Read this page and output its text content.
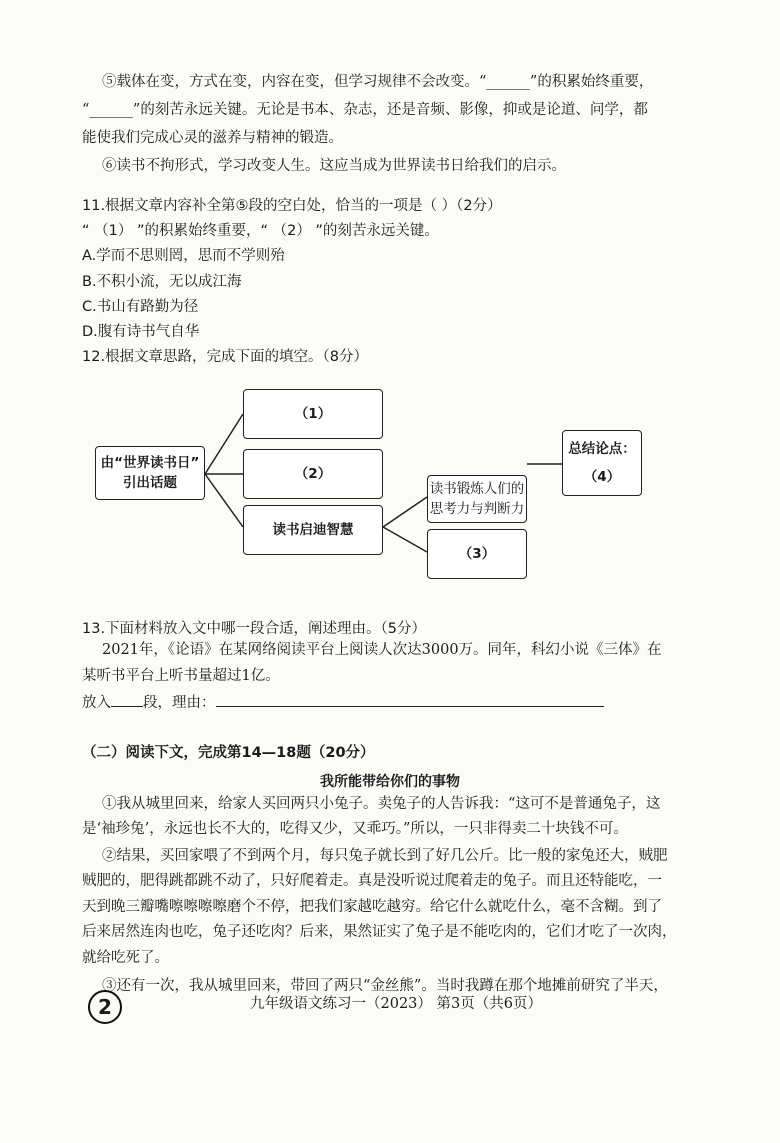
⑤载体在变，方式在变，内容在变，但学习规律不会改变。“______”的积累始终重要，
“______”的刻苦永远关键。无论是书本、杂志，还是音频、影像，抑或是论道、问学，都
能使我们完成心灵的滋养与精神的锻造。
⑥读书不拘形式，学习改变人生。这应当成为世界读书日给我们的启示。
11.根据文章内容补全第⑤段的空白处，恰当的一项是（ ）（2分）
“ （1） ”的积累始终重要，“ （2） ”的刻苦永远关键。
A.学而不思则罔，思而不学则殆
B.不积小流，无以成江海
C.书山有路勤为径
D.腹有诗书气自华
12.根据文章思路，完成下面的填空。（8分）
由“世界读书日”
引出话题
（1）
（2）
读书启迪智慧
读书锻炼人们的
思考力与判断力
（3）
总结论点：
（4）
13.下面材料放入文中哪一段合适，阐述理由。（5分）
2021年，《论语》在某网络阅读平台上阅读人次达3000万。同年，科幻小说《三体》在
某听书平台上听书量超过1亿。
放入 段，理由：
（二）阅读下文，完成第14—18题（20分）
我所能带给你们的事物
①我从城里回来，给家人买回两只小兔子。卖兔子的人告诉我：“这可不是普通兔子，这
是‘袖珍兔’，永远也长不大的，吃得又少，又乖巧。”所以，一只非得卖二十块钱不可。
②结果，买回家喂了不到两个月，每只兔子就长到了好几公斤。比一般的家兔还大，贼肥
贼肥的，肥得跳都跳不动了，只好爬着走。真是没听说过爬着走的兔子。而且还特能吃，一
天到晚三瓣嘴嚓嚓嚓嚓磨个不停，把我们家越吃越穷。给它什么就吃什么，毫不含糊。到了
后来居然连肉也吃，兔子还吃肉？后来，果然证实了兔子是不能吃肉的，它们才吃了一次肉，
就给吃死了。
③还有一次，我从城里回来，带回了两只“金丝熊”。当时我蹲在那个地摊前研究了半天，
2	九年级语文练习一（2023） 第3页（共6页）
